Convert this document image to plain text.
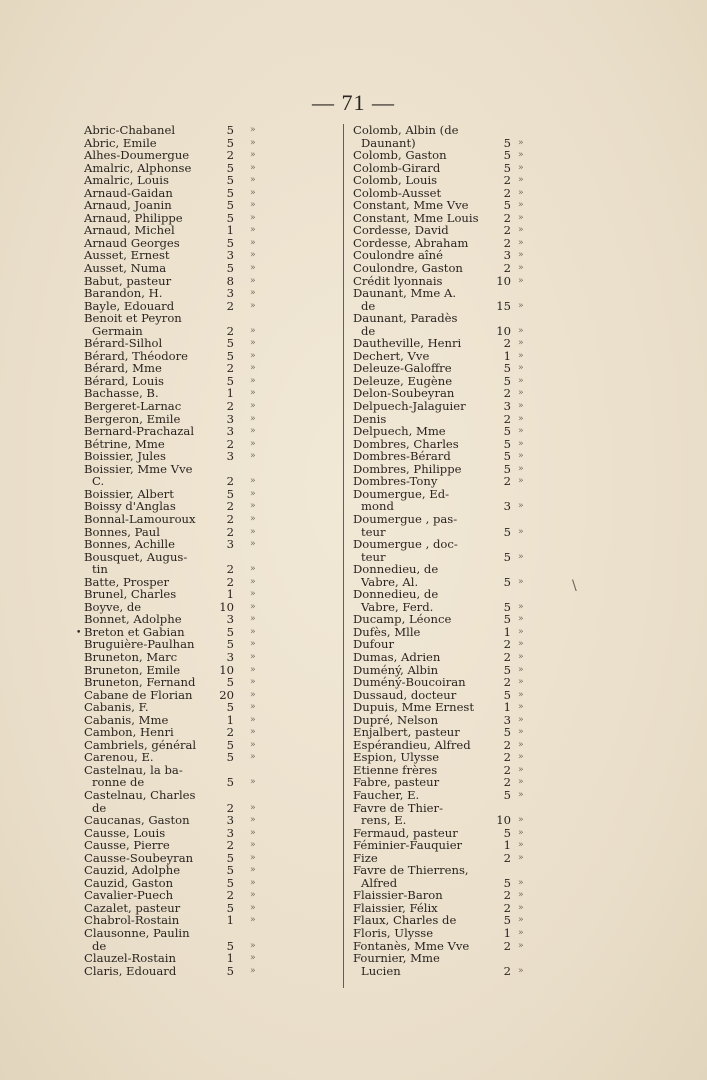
— 71 —
Abric-Chabanel	5 »
Abric, Emile	5 »
Alhes-Doumergue	2 »
Amalric, Alphonse	5 »
Amalric, Louis	5 »
Arnaud-Gaidan	5 »
Arnaud, Joanin	5 »
Arnaud, Philippe	5 »
Arnaud, Michel	1 »
Arnaud Georges	5 »
Ausset, Ernest	3 »
Ausset, Numa	5 »
Babut, pasteur	8 »
Barandon, H.	3 »
Bayle, Edouard	2 »
Benoit et Peyron
Germain	2 »
Bérard-Silhol	5 »
Bérard, Théodore	5 »
Bérard, Mme	2 »
Bérard, Louis	5 »
Bachasse, B.	1 »
Bergeret-Larnac	2 »
Bergeron, Emile	3 »
Bernard-Prachazal	3 »
Bétrine, Mme	2 »
Boissier, Jules	3 »
Boissier, Mme Vve
C.	2 »
Boissier, Albert	5 »
Boissy d'Anglas	2 »
Bonnal-Lamouroux	2 »
Bonnes, Paul	2 »
Bonnes, Achille	3 »
Bousquet, Augus-
tin	2 »
Batte, Prosper	2 »
Brunel, Charles	1 »
Boyve, de	10 »
Bonnet, Adolphe	3 »
Breton et Gabian	5 »
Bruguière-Paulhan	5 »
Bruneton, Marc	3 »
Bruneton, Emile	10 »
Bruneton, Fernand	5 »
Cabane de Florian 20 »
Cabanis, F.	5 »
Cabanis, Mme	1 »
Cambon, Henri	2 »
Cambriels, général	5 »
Carenou, E.	5 »
Castelnau, la ba-
ronne de	5 »
Castelnau, Charles
de	2 »
Caucanas, Gaston	3 »
Causse, Louis	3 »
Causse, Pierre	2 »
Causse-Soubeyran	5 »
Cauzid, Adolphe	5 »
Cauzid, Gaston	5 »
Cavalier-Puech	2 »
Cazalet, pasteur	5 »
Chabrol-Rostain	1 »
Clausonne, Paulin
de	5 »
Clauzel-Rostain	1 »
Claris, Edouard	5 »
Colomb, Albin (de
Daunant)	5 »
Colomb, Gaston	5 »
Colomb-Girard	5 »
Colomb, Louis	2 »
Colomb-Ausset	2 »
Constant, Mme Vve	5 »
Constant, Mme Louis	2 »
Cordesse, David	2 »
Cordesse, Abraham	2 »
Coulondre aîné	3 »
Coulondre, Gaston	2 »
Crédit lyonnais	10 »
Daunant, Mme A.
de	15 »
Daunant, Paradès
de	10 »
Dautheville, Henri	2 »
Dechert, Vve	1 »
Deleuze-Galoffre	5 »
Deleuze, Eugène	5 »
Delon-Soubeyran	2 »
Delpuech-Jalaguier	3 »
Denis	2 »
Delpuech, Mme	5 »
Dombres, Charles	5 »
Dombres-Bérard	5 »
Dombres, Philippe	5 »
Dombres-Tony	2 »
Doumergue, Ed-
mond	3 »
Doumergue , pas-
teur	5 »
Doumergue , doc-
teur	5 »
Donnedieu, de
Vabre, Al.	5 »
Donnedieu, de
Vabre, Ferd.	5 »
Ducamp, Léonce	5 »
Dufès, Mlle	1 »
Dufour	2 »
Dumas, Adrien	2 »
Duméný, Albin	5 »
Duméný-Boucoiran	2 »
Dussaud, docteur	5 »
Dupuis, Mme Ernest	1 »
Dupré, Nelson	3 »
Enjalbert, pasteur	5 »
Espérandieu, Alfred	2 »
Espion, Ulysse	2 »
Etienne frères	2 »
Fabre, pasteur	2 »
Faucher, E.	5 »
Favre de Thier-
rens, E.	10 »
Fermaud, pasteur	5 »
Féminier-Fauquier	1 »
Fize	2 »
Favre de Thierrens,
Alfred	5 »
Flaissier-Baron	2 »
Flaissier, Félix	2 »
Flaux, Charles de	5 »
Floris, Ulysse	1 »
Fontanès, Mme Vve	2 »
Fournier, Mme
Lucien	2 »
•
\
